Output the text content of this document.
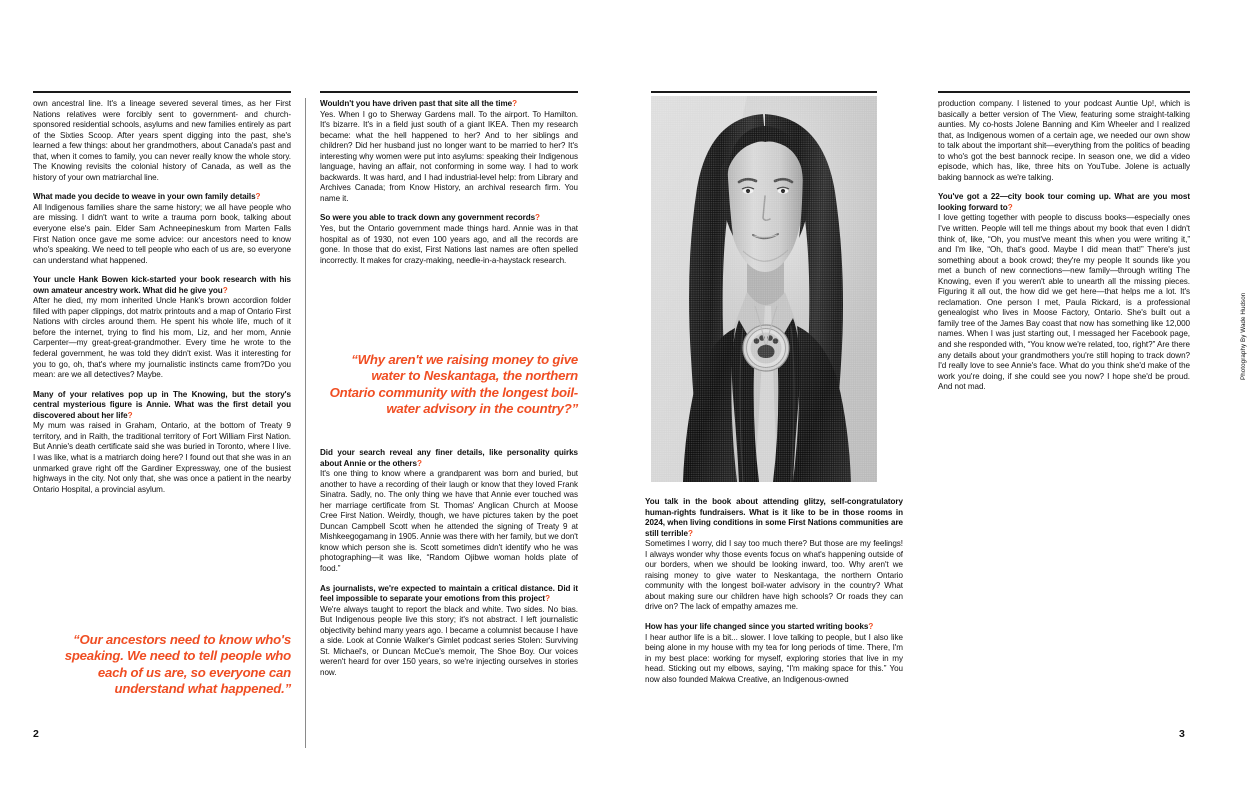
own ancestral line. It's a lineage severed several times, as her First Nations relatives were forcibly sent to government- and church-sponsored residential schools, asylums and new families entirely as part of the Sixties Scoop. After years spent digging into the past, she's learned a few things: about her grandmothers, about Canada's past and that, when it comes to family, you can never really know the whole story. The Knowing revisits the colonial history of Canada, as well as the history of your own matriarchal line.

What made you decide to weave in your own family details?
All Indigenous families share the same history; we all have people who are missing. I didn't want to write a trauma porn book, talking about everyone else's pain. Elder Sam Achneepineskum from Marten Falls First Nation once gave me some advice: our ancestors need to know who's speaking. We need to tell people who each of us are, so everyone can understand what happened.

Your uncle Hank Bowen kick-started your book research with his own amateur ancestry work. What did he give you?
After he died, my mom inherited Uncle Hank's brown accordion folder filled with paper clippings, dot matrix printouts and a map of Ontario First Nations with circles around them. He spent his whole life, much of it before the internet, trying to find his mom, Liz, and her mom, Annie Carpenter—my great-great-grandmother. Every time he wrote to the federal government, he was told they didn't exist. Was it interesting for you to go, oh, that's where my journalistic instincts came from?Do you mean: are we all detectives? Maybe.

Many of your relatives pop up in The Knowing, but the story's central mysterious figure is Annie. What was the first detail you discovered about her life?
My mum was raised in Graham, Ontario, at the bottom of Treaty 9 territory, and in Raith, the traditional territory of Fort William First Nation. But Annie's death certificate said she was buried in Toronto, where I live. I was like, what is a matriarch doing here? I found out that she was in an unmarked grave right off the Gardiner Expressway, one of the busiest highways in the city. Not only that, she was once a patient in the nearby Ontario Hospital, a provincial asylum.

“Our ancestors need to know who's speaking. We need to tell people who each of us are, so everyone can understand what happened.”

Wouldn't you have driven past that site all the time?
Yes. When I go to Sherway Gardens mall. To the airport. To Hamilton. It's bizarre. It's in a field just south of a giant IKEA. Then my research became: what the hell happened to her? And to her siblings and children? Did her husband just no longer want to be married to her? It's interesting why women were put into asylums: speaking their Indigenous language, having an affair, not conforming in some way. I had to work backwards. It was hard, and I had industrial-level help: from Library and Archives Canada; from Know History, an archival research firm. You name it.

So were you able to track down any government records?
Yes, but the Ontario government made things hard. Annie was in that hospital as of 1930, not even 100 years ago, and all the records are gone. In those that do exist, First Nations last names are often spelled incorrectly. It makes for crazy-making, needle-in-a-haystack research.

“Why aren't we raising money to give water to Neskantaga, the northern Ontario community with the longest boil-water advisory in the country?”

Did your search reveal any finer details, like personality quirks about Annie or the others?
It's one thing to know where a grandparent was born and buried, but another to have a recording of their laugh or know that they loved Frank Sinatra. Sadly, no. The only thing we have that Annie ever touched was her marriage certificate from St. Thomas' Anglican Church at Moose Cree First Nation. Weirdly, though, we have pictures taken by the poet Duncan Campbell Scott when he attended the signing of Treaty 9 at Mishkeegogamang in 1905. Annie was there with her family, but we don't know which person she is. Scott sometimes didn't identify who he was photographing—it was like, “Random Ojibwe woman holds plate of food.”

As journalists, we're expected to maintain a critical distance. Did it feel impossible to separate your emotions from this project?
We're always taught to report the black and white. Two sides. No bias. But Indigenous people live this story; it's not abstract. I left journalistic objectivity behind many years ago. I became a columnist because I have a side. Look at Connie Walker's Gimlet podcast series Stolen: Surviving St. Michael's, or Duncan McCue's memoir, The Shoe Boy. Our voices weren't heard for over 150 years, so we're injecting ourselves in stories now.

2
Photography By Wade Hudson

You talk in the book about attending glitzy, self-congratulatory human-rights fundraisers. What is it like to be in those rooms in 2024, when living conditions in some First Nations communities are still terrible?
Sometimes I worry, did I say too much there? But those are my feelings! I always wonder why those events focus on what's happening outside of our borders, when we should be looking inward, too. Why aren't we raising money to give water to Neskantaga, the northern Ontario community with the longest boil-water advisory in the country? What about making sure our children have high schools? Or roads they can drive on? The lack of empathy amazes me.

How has your life changed since you started writing books?
I hear author life is a bit... slower. I love talking to people, but I also like being alone in my house with my tea for long periods of time. There, I'm in my best place: working for myself, exploring stories that live in my head. Sticking out my elbows, saying, “I'm making space for this.” You now also founded Makwa Creative, an Indigenous-owned

production company. I listened to your podcast Auntie Up!, which is basically a better version of The View, featuring some straight-talking aunties. My co-hosts Jolene Banning and Kim Wheeler and I realized that, as Indigenous women of a certain age, we needed our own show to talk about the important shit—everything from the politics of beading to who's got the best bannock recipe. In season one, we did a video episode, which has, like, three hits on YouTube. Jolene is actually baking bannock as we're talking.

You've got a 22—city book tour coming up. What are you most looking forward to?
I love getting together with people to discuss books—especially ones I've written. People will tell me things about my book that even I didn't think of, like, “Oh, you must've meant this when you were writing it,” and I'm like, “Oh, that's good. Maybe I did mean that!” There's just something about a book crowd; they're my people It sounds like you met a bunch of new connections—new family—through writing The Knowing, even if you weren't able to unearth all the missing pieces. Figuring it all out, the how did we get here—that helps me a lot. It's reclamation. One person I met, Paula Rickard, is a professional genealogist who lives in Moose Factory, Ontario. She's built out a family tree of the James Bay coast that now has something like 12,000 names. When I was just starting out, I messaged her Facebook page, and she responded with, “You know we're related, too, right?” Are there any details about your grandmothers you're still hoping to track down? I'd really love to see Annie's face. What do you think she'd make of the work you're doing, if she could see you now? I hope she'd be proud. And not mad.

3
